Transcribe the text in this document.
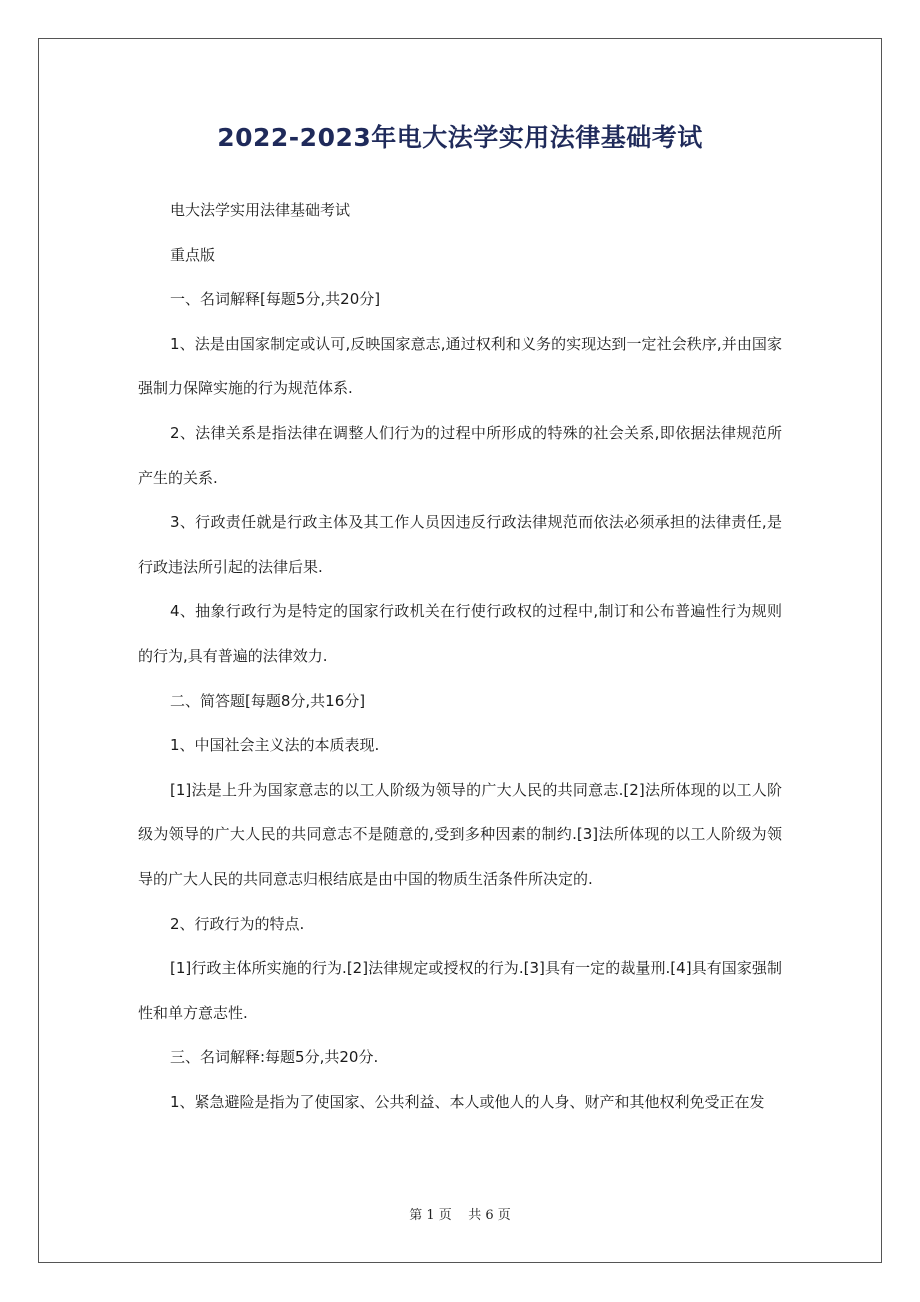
2022-2023年电大法学实用法律基础考试

电大法学实用法律基础考试

重点版

一、名词解释[每题5分,共20分]

1、法是由国家制定或认可,反映国家意志,通过权利和义务的实现达到一定社会秩序,并由国家强制力保障实施的行为规范体系.

2、法律关系是指法律在调整人们行为的过程中所形成的特殊的社会关系,即依据法律规范所产生的关系.

3、行政责任就是行政主体及其工作人员因违反行政法律规范而依法必须承担的法律责任,是行政违法所引起的法律后果.

4、抽象行政行为是特定的国家行政机关在行使行政权的过程中,制订和公布普遍性行为规则的行为,具有普遍的法律效力.

二、简答题[每题8分,共16分]

1、中国社会主义法的本质表现.

[1]法是上升为国家意志的以工人阶级为领导的广大人民的共同意志.[2]法所体现的以工人阶级为领导的广大人民的共同意志不是随意的,受到多种因素的制约.[3]法所体现的以工人阶级为领导的广大人民的共同意志归根结底是由中国的物质生活条件所决定的.

2、行政行为的特点.

[1]行政主体所实施的行为.[2]法律规定或授权的行为.[3]具有一定的裁量刑.[4]具有国家强制性和单方意志性.

三、名词解释:每题5分,共20分.

1、紧急避险是指为了使国家、公共利益、本人或他人的人身、财产和其他权利免受正在发

第 1 页 共 6 页
